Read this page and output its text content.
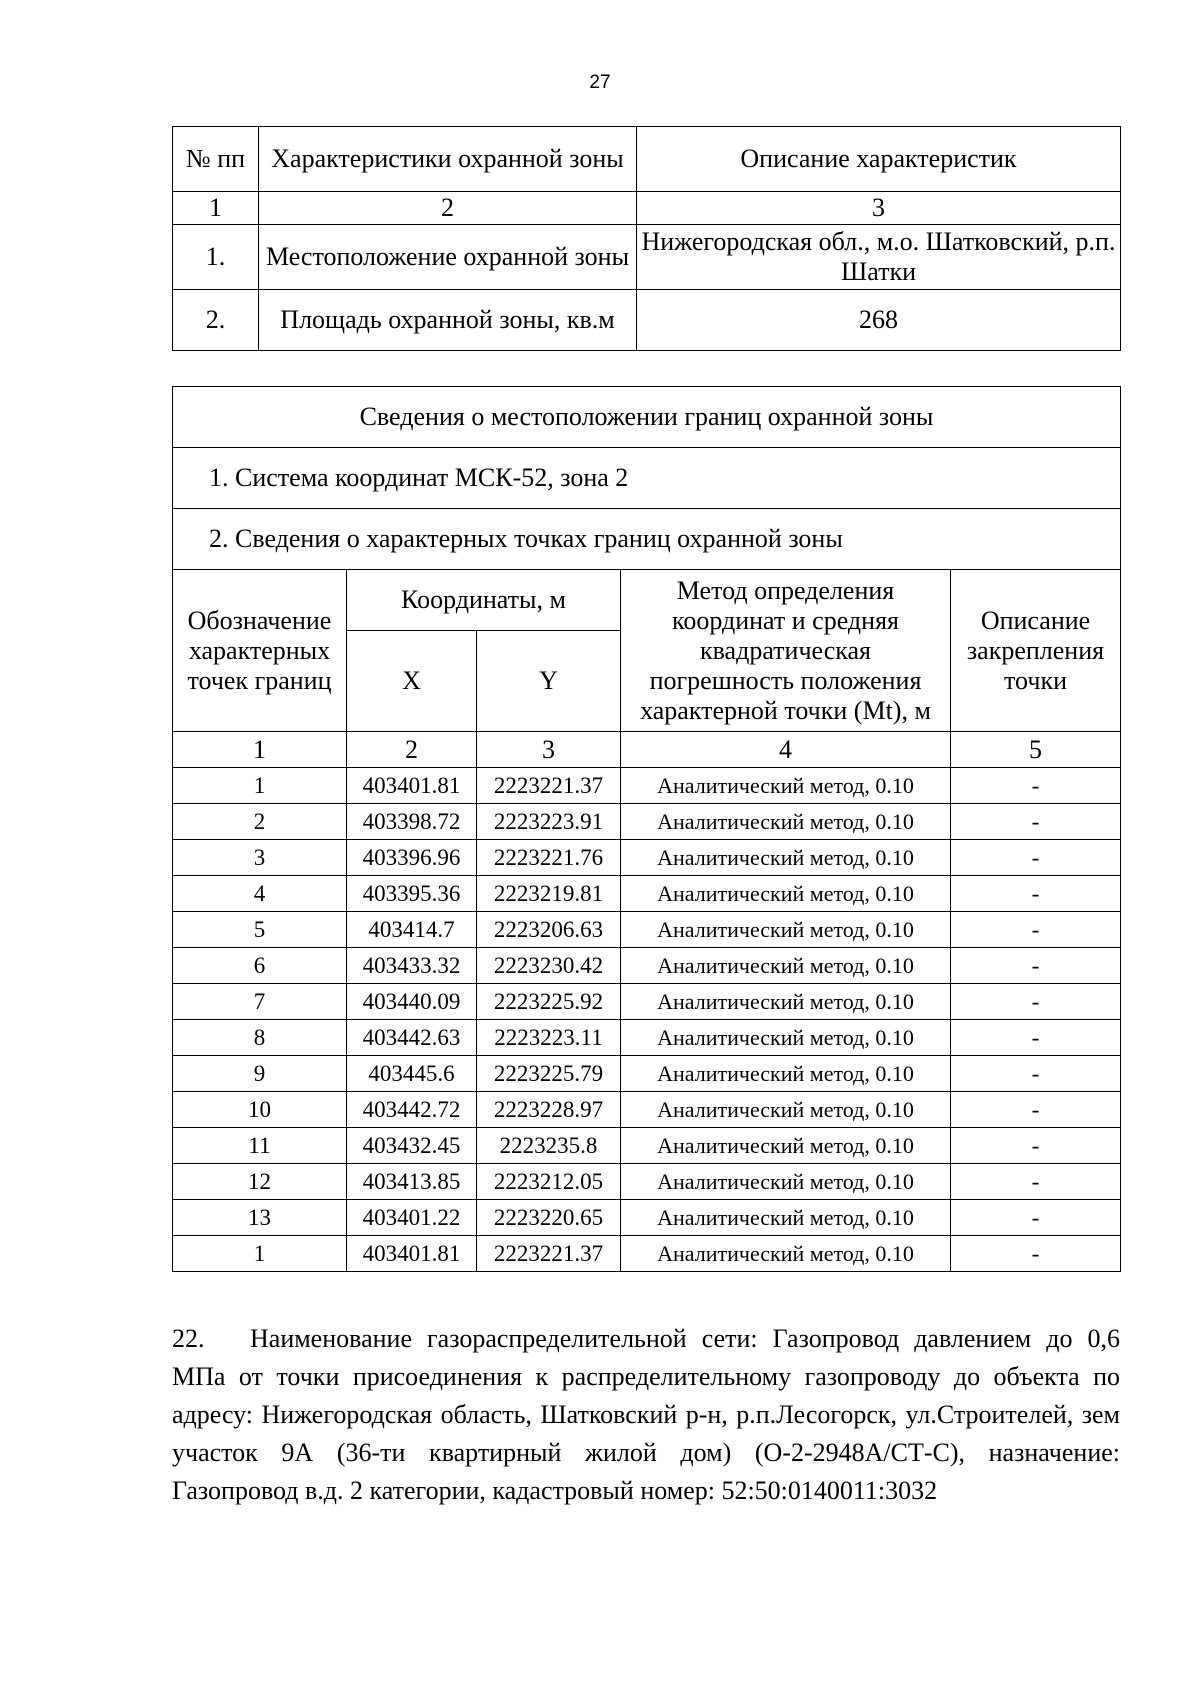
27
№ пп	Характеристики охранной зоны	Описание характеристик
1	2	3
1.	Местоположение охранной зоны	Нижегородская обл., м.о. Шатковский, р.п. Шатки
2.	Площадь охранной зоны, кв.м	268
Сведения о местоположении границ охранной зоны				
1. Система координат МСК-52, зона 2				
2. Сведения о характерных точках границ охранной зоны				
Обозначение характерных точек границ	Координаты, м		Метод определения координат и средняя квадратическая погрешность положения характерной точки (Mt), м	Описание закрепления точки
	X	Y		
1	2	3	4	5
1	403401.81	2223221.37	Аналитический метод, 0.10	-
2	403398.72	2223223.91	Аналитический метод, 0.10	-
3	403396.96	2223221.76	Аналитический метод, 0.10	-
4	403395.36	2223219.81	Аналитический метод, 0.10	-
5	403414.7	2223206.63	Аналитический метод, 0.10	-
6	403433.32	2223230.42	Аналитический метод, 0.10	-
7	403440.09	2223225.92	Аналитический метод, 0.10	-
8	403442.63	2223223.11	Аналитический метод, 0.10	-
9	403445.6	2223225.79	Аналитический метод, 0.10	-
10	403442.72	2223228.97	Аналитический метод, 0.10	-
11	403432.45	2223235.8	Аналитический метод, 0.10	-
12	403413.85	2223212.05	Аналитический метод, 0.10	-
13	403401.22	2223220.65	Аналитический метод, 0.10	-
1	403401.81	2223221.37	Аналитический метод, 0.10	-
22. Наименование газораспределительной сети: Газопровод давлением до 0,6 МПа от точки присоединения к распределительному газопроводу до объекта по адресу: Нижегородская область, Шатковский р-н, р.п.Лесогорск, ул.Строителей, зем участок 9А (36-ти квартирный жилой дом) (О-2-2948А/СТ-С), назначение: Газопровод в.д. 2 категории, кадастровый номер: 52:50:0140011:3032
